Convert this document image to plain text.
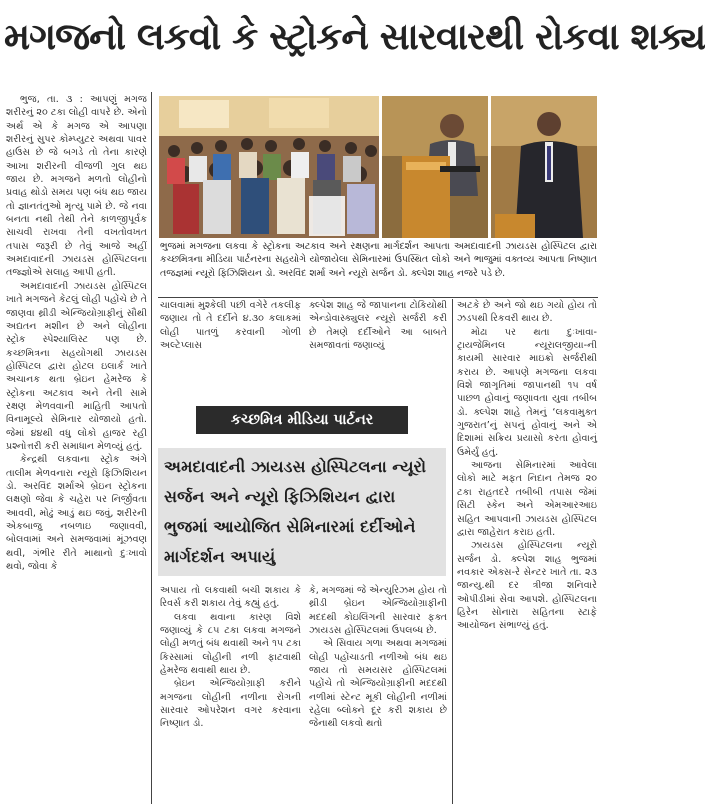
મગજનો લકવો કે સ્ટ્રોકને સારવારથી રોકવા શક્ય

ભુજ, તા. ૩ : આપણું મગજ શરીરનું ૨૦ ટકા લોહી વાપરે છે. એનો અર્થ એ કે મગજ એ આપણા શરીરનું સુપર કોમ્પ્યુટર અથવા પાવર હાઉસ છે જે બગડે તો તેના કારણે આખા શરીરની વીજળી ગુલ થઇ જાય છે. મગજને મળતો લોહીનો પ્રવાહ થોડો સમય પણ બંધ થઇ જાય તો જ્ઞાનતંતુઓ મૃત્યુ પામે છે. જે નવા બનતા નથી તેથી તેને કાળજીપૂર્વક સાચવી રાખવા તેની વખતોવખત તપાસ જરૂરી છે તેવું આજે અહીં અમદાવાદની ઝાયડસ હોસ્પિટલના તજ્જ્ઞોએ સલાહ આપી હતી.

અમદાવાદની ઝાયડસ હોસ્પિટલ ખાતે મગજને કેટલું લોહી પહોંચે છે તે જાણવા થ્રીડી એન્જિયોગ્રાફીનું સૌથી અદ્યતન મશીન છે અને લોહીના સ્ટ્રોક સ્પેશ્યાલિસ્ટ પણ છે. કચ્છમિત્રના સહયોગથી ઝાયડસ હોસ્પિટલ દ્વારા હોટલ ઇલાર્ક ખાતે અચાનક થતા બ્રેઇન હેમરેજ કે સ્ટ્રોકના અટકાવ અને તેની સામે રક્ષણ મેળવવાની માહિતી આપતો વિનામૂલ્યે સેમિનાર યોજાયો હતો. જેમાં ૪૪થી વધુ લોકો હાજર રહી પ્રશ્નોત્તરી કરી સમાધાન મેળવ્યું હતું.

કેન્દ્રથી લકવાના સ્ટ્રોક અંગે તાલીમ મેળવનારા ન્યૂરો ફિઝિશિયન ડો. અરવિંદ શર્માએ બ્રેઇન સ્ટ્રોકના લક્ષણો જેવા કે ચહેરા પર નિર્જીવતા આવવી, મોઢું આડું થઇ જવું, શરીરની એકબાજુ નબળાઇ જણાવવી, બોલવામાં અને સમજવામાં મૂંઝવણ થવી, ગંભીર રીતે માથાનો દુઃખાવો થવો, જોવા કે

ભુજમાં મગજના લકવા કે સ્ટ્રોકના અટકાવ અને રક્ષણના માર્ગદર્શન આપતા અમદાવાદની ઝાયડસ હોસ્પિટલ દ્વારા કચ્છમિત્રના મીડિયા પાર્ટનરના સહયોગે યોજાયેલા સેમિનારમાં ઉપસ્થિત લોકો અને ભાજુમાં વક્તવ્ય આપતા નિષ્ણાત તજજ્ઞમાં ન્યૂરો ફિઝિશિયન ડો. અરવિંદ શર્મા અને ન્યૂરો સર્જન ડો. ક્લ્પેશ શાહ નજરે પડે છે.

ચાલવામાં મુશ્કેલી પછી વગેરે તકલીફ જણાય તો તે દર્દીને ૪.૩૦ કલાકમાં લોહી પાતળું કરવાની ગોળી અલ્ટેપ્લાસ

ક્લ્પેશ શાહ જે જાપાનના ટોકિયોથી એન્ડોવાસ્ક્યુલર ન્યૂરો સર્જરી કરી છે તેમણે દર્દીઓને આ બાબતે સમજાવતાં જણાવ્યું

અટકે છે અને જો થઇ ગયો હોય તો ઝડપથી રિકવરી થાય છે.

મોઢા પર થતા દુઃખાવા-ટ્રાયજેમિનલ ન્યૂરાલજીયા-ની કાયમી સારવાર માઇક્રો સર્જરીથી કરાય છે. આપણે મગજના લકવા વિશે જાગૃતિમાં જાપાનથી ૧૫ વર્ષ પાછળ હોવાનું જણાવતા યુવા તબીબ ડો. ક્લ્પેશ શાહે તેમનું ‘લકવામુક્ત ગુજરાત’નું સપનું હોવાનું અને એ દિશામાં સક્રિય પ્રયાસો કરતા હોવાનું ઉમેર્યું હતું.

આજના સેમિનારમાં આવેલા લોકો માટે મફત નિદાન તેમજ ૨૦ ટકા રાહતદરે તબીબી તપાસ જેમાં સિટી સ્કેન અને એમઆરઆઇ સહિત આપવાની ઝાયડસ હોસ્પિટલ દ્વારા જાહેરાત કરાઇ હતી.

ઝાયડસ હોસ્પિટલના ન્યૂરો સર્જન ડો. ક્લ્પેશ શાહ ભુજમાં નવકાર એક્સ-રે સેન્ટર ખાતે તા. ૨૩ જાન્યુ.થી દર ત્રીજા શનિવારે ઓપીડીમાં સેવા આપશે. હોસ્પિટલના હિરેન સોનારા સહિતના સ્ટાફે આયોજન સંભાળ્યું હતું.

કચ્છમિત્ર મીડિયા પાર્ટનર
અમદાવાદની ઝાયડસ હોસ્પિટલના ન્યૂરો સર્જન અને ન્યૂરો ફિઝિશિયન દ્વારા ભુજમાં આયોજિત સેમિનારમાં દર્દીઓને માર્ગદર્શન અપાયું

અપાય તો લકવાથી બચી શકાય કે રિવર્સ કરી શકાય તેવું કહ્યું હતું.

લકવા થવાના કારણ વિશે જણાવ્યું કે ૮૫ ટકા લકવા મગજને લોહી મળતું બંધ થવાથી અને ૧૫ ટકા કિસ્સામાં લોહીની નળી ફાટવાથી હેમરેજ થવાથી થાય છે.

બ્રેઇન એન્જિયોગ્રાફી કરીને મગજના લોહીની નળીના રોગની સારવાર ઓપરેશન વગર કરવાના નિષ્ણાત ડો.

કે, મગજમાં જે એન્યુરિઝમ હોય તો થ્રીડી બ્રેઇન એન્જિયોગ્રાફીની મદદથી કોઇલિંગની સારવાર ફક્ત ઝાયડસ હોસ્પિટલમાં ઉપલબ્ધ છે.

એ સિવાય ગળા અથવા મગજમાં લોહી પહોંચાડતી નળીઓ બંધ થઇ જાય તો સમયસર હોસ્પિટલમાં પહોંચે તો એન્જિયોગ્રાફીની મદદથી નળીમાં સ્ટેન્ટ મૂકી લોહીની નળીમાં રહેલા બ્લોક્ને દૂર કરી શકાય છે જેનાથી લકવો થતો
